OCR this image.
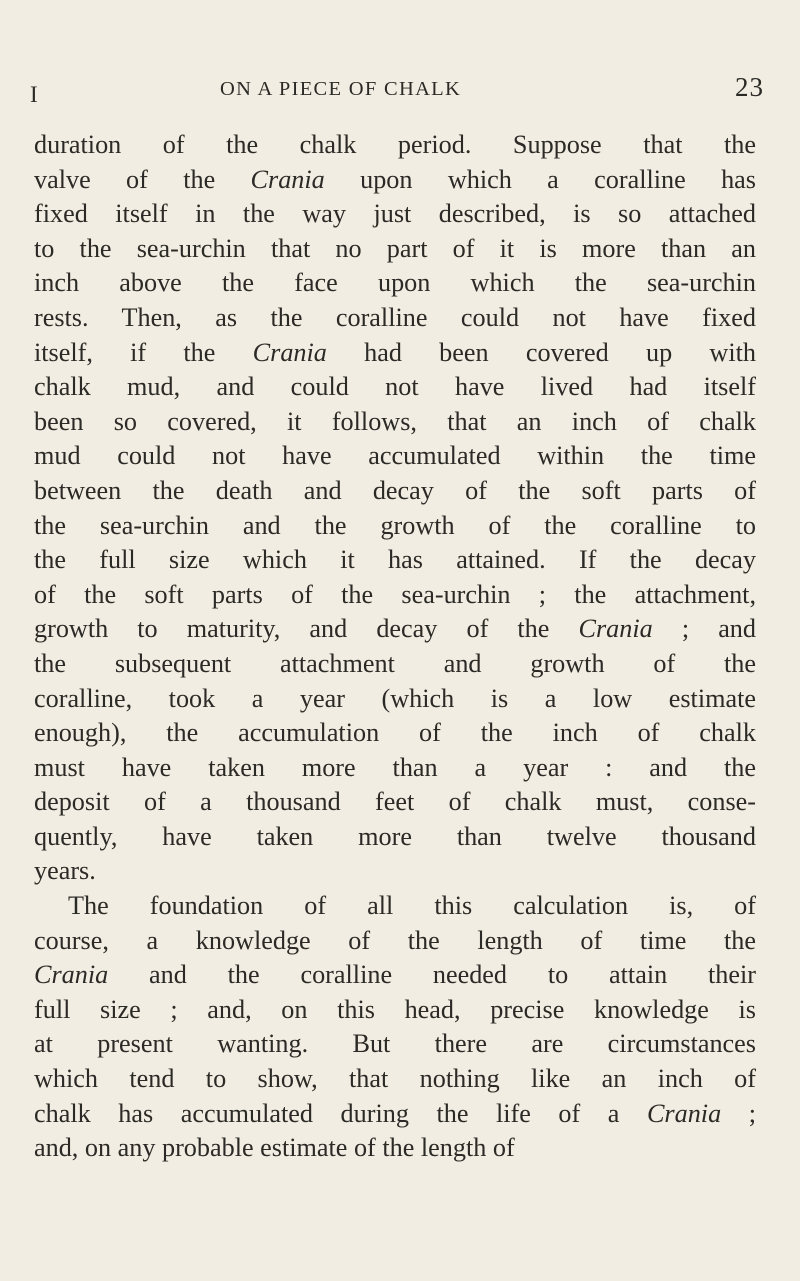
I	ON A PIECE OF CHALK	23
duration of the chalk period. Suppose that the
valve of the Crania upon which a coralline has
fixed itself in the way just described, is so attached
to the sea-urchin that no part of it is more than an
inch above the face upon which the sea-urchin
rests. Then, as the coralline could not have fixed
itself, if the Crania had been covered up with
chalk mud, and could not have lived had itself
been so covered, it follows, that an inch of chalk
mud could not have accumulated within the time
between the death and decay of the soft parts of
the sea-urchin and the growth of the coralline to
the full size which it has attained. If the decay
of the soft parts of the sea-urchin ; the attachment,
growth to maturity, and decay of the Crania ; and
the subsequent attachment and growth of the
coralline, took a year (which is a low estimate
enough), the accumulation of the inch of chalk
must have taken more than a year : and the
deposit of a thousand feet of chalk must, conse-
quently, have taken more than twelve thousand
years.
The foundation of all this calculation is, of
course, a knowledge of the length of time the
Crania and the coralline needed to attain their
full size ; and, on this head, precise knowledge is
at present wanting. But there are circumstances
which tend to show, that nothing like an inch of
chalk has accumulated during the life of a Crania ;
and, on any probable estimate of the length of
